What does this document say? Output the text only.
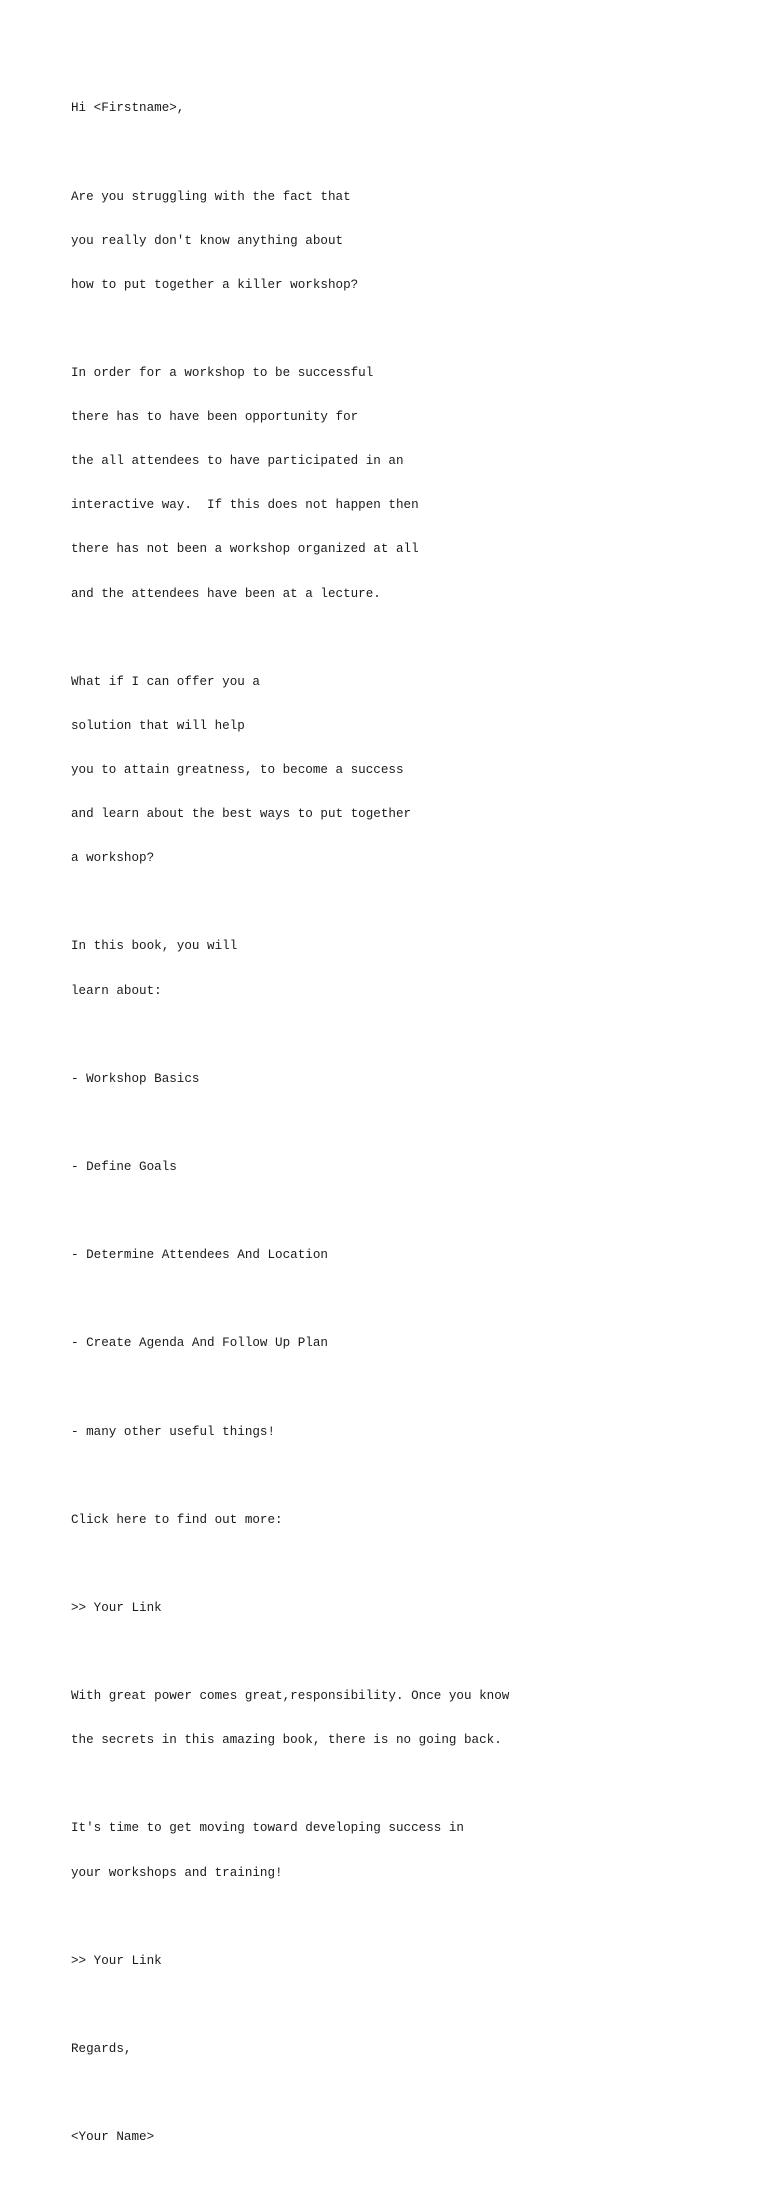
Hi <Firstname>,

Are you struggling with the fact that

you really don't know anything about

how to put together a killer workshop?

In order for a workshop to be successful

there has to have been opportunity for

the all attendees to have participated in an

interactive way.  If this does not happen then

there has not been a workshop organized at all

and the attendees have been at a lecture.

What if I can offer you a

solution that will help

you to attain greatness, to become a success

and learn about the best ways to put together

a workshop?

In this book, you will

learn about:

- Workshop Basics

- Define Goals

- Determine Attendees And Location

- Create Agenda And Follow Up Plan

- many other useful things!

Click here to find out more:

>> Your Link

With great power comes great,responsibility. Once you know

the secrets in this amazing book, there is no going back.

It's time to get moving toward developing success in

your workshops and training!

>> Your Link

Regards,

<Your Name>
